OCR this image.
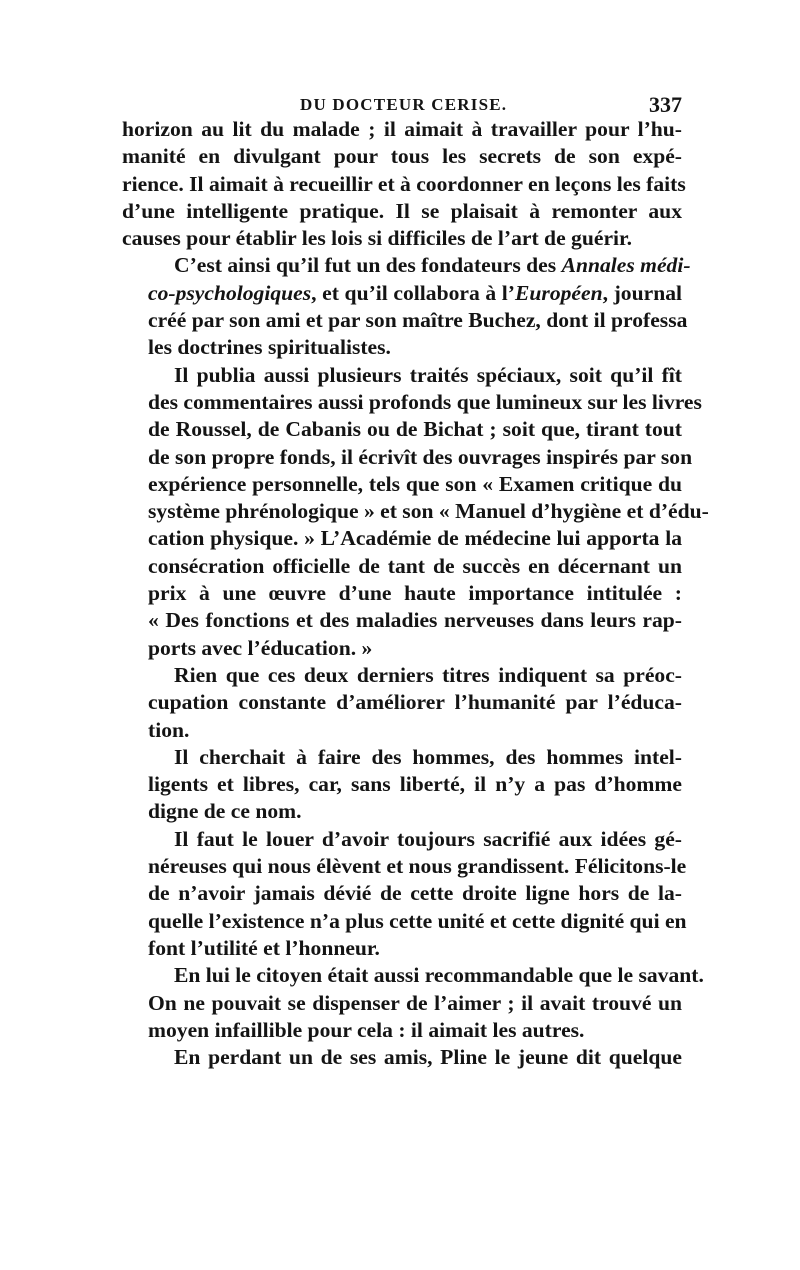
DU DOCTEUR CERISE.	337

horizon au lit du malade ; il aimait à travailler pour l’hu-
manité en divulgant pour tous les secrets de son expé-
rience. Il aimait à recueillir et à coordonner en leçons les faits
d’une intelligente pratique. Il se plaisait à remonter aux
causes pour établir les lois si difficiles de l’art de guérir.

C’est ainsi qu’il fut un des fondateurs des Annales médi-
co-psychologiques, et qu’il collabora à l’Européen, journal
créé par son ami et par son maître Buchez, dont il professa
les doctrines spiritualistes.

Il publia aussi plusieurs traités spéciaux, soit qu’il fît
des commentaires aussi profonds que lumineux sur les livres
de Roussel, de Cabanis ou de Bichat ; soit que, tirant tout
de son propre fonds, il écrivît des ouvrages inspirés par son
expérience personnelle, tels que son « Examen critique du
système phrénologique » et son « Manuel d’hygiène et d’édu-
cation physique. » L’Académie de médecine lui apporta la
consécration officielle de tant de succès en décernant un
prix à une œuvre d’une haute importance intitulée :
« Des fonctions et des maladies nerveuses dans leurs rap-
ports avec l’éducation. »

Rien que ces deux derniers titres indiquent sa préoc-
cupation constante d’améliorer l’humanité par l’éduca-
tion.

Il cherchait à faire des hommes, des hommes intel-
ligents et libres, car, sans liberté, il n’y a pas d’homme
digne de ce nom.

Il faut le louer d’avoir toujours sacrifié aux idées gé-
néreuses qui nous élèvent et nous grandissent. Félicitons-le
de n’avoir jamais dévié de cette droite ligne hors de la-
quelle l’existence n’a plus cette unité et cette dignité qui en
font l’utilité et l’honneur.

En lui le citoyen était aussi recommandable que le savant.
On ne pouvait se dispenser de l’aimer ; il avait trouvé un
moyen infaillible pour cela : il aimait les autres.

En perdant un de ses amis, Pline le jeune dit quelque
